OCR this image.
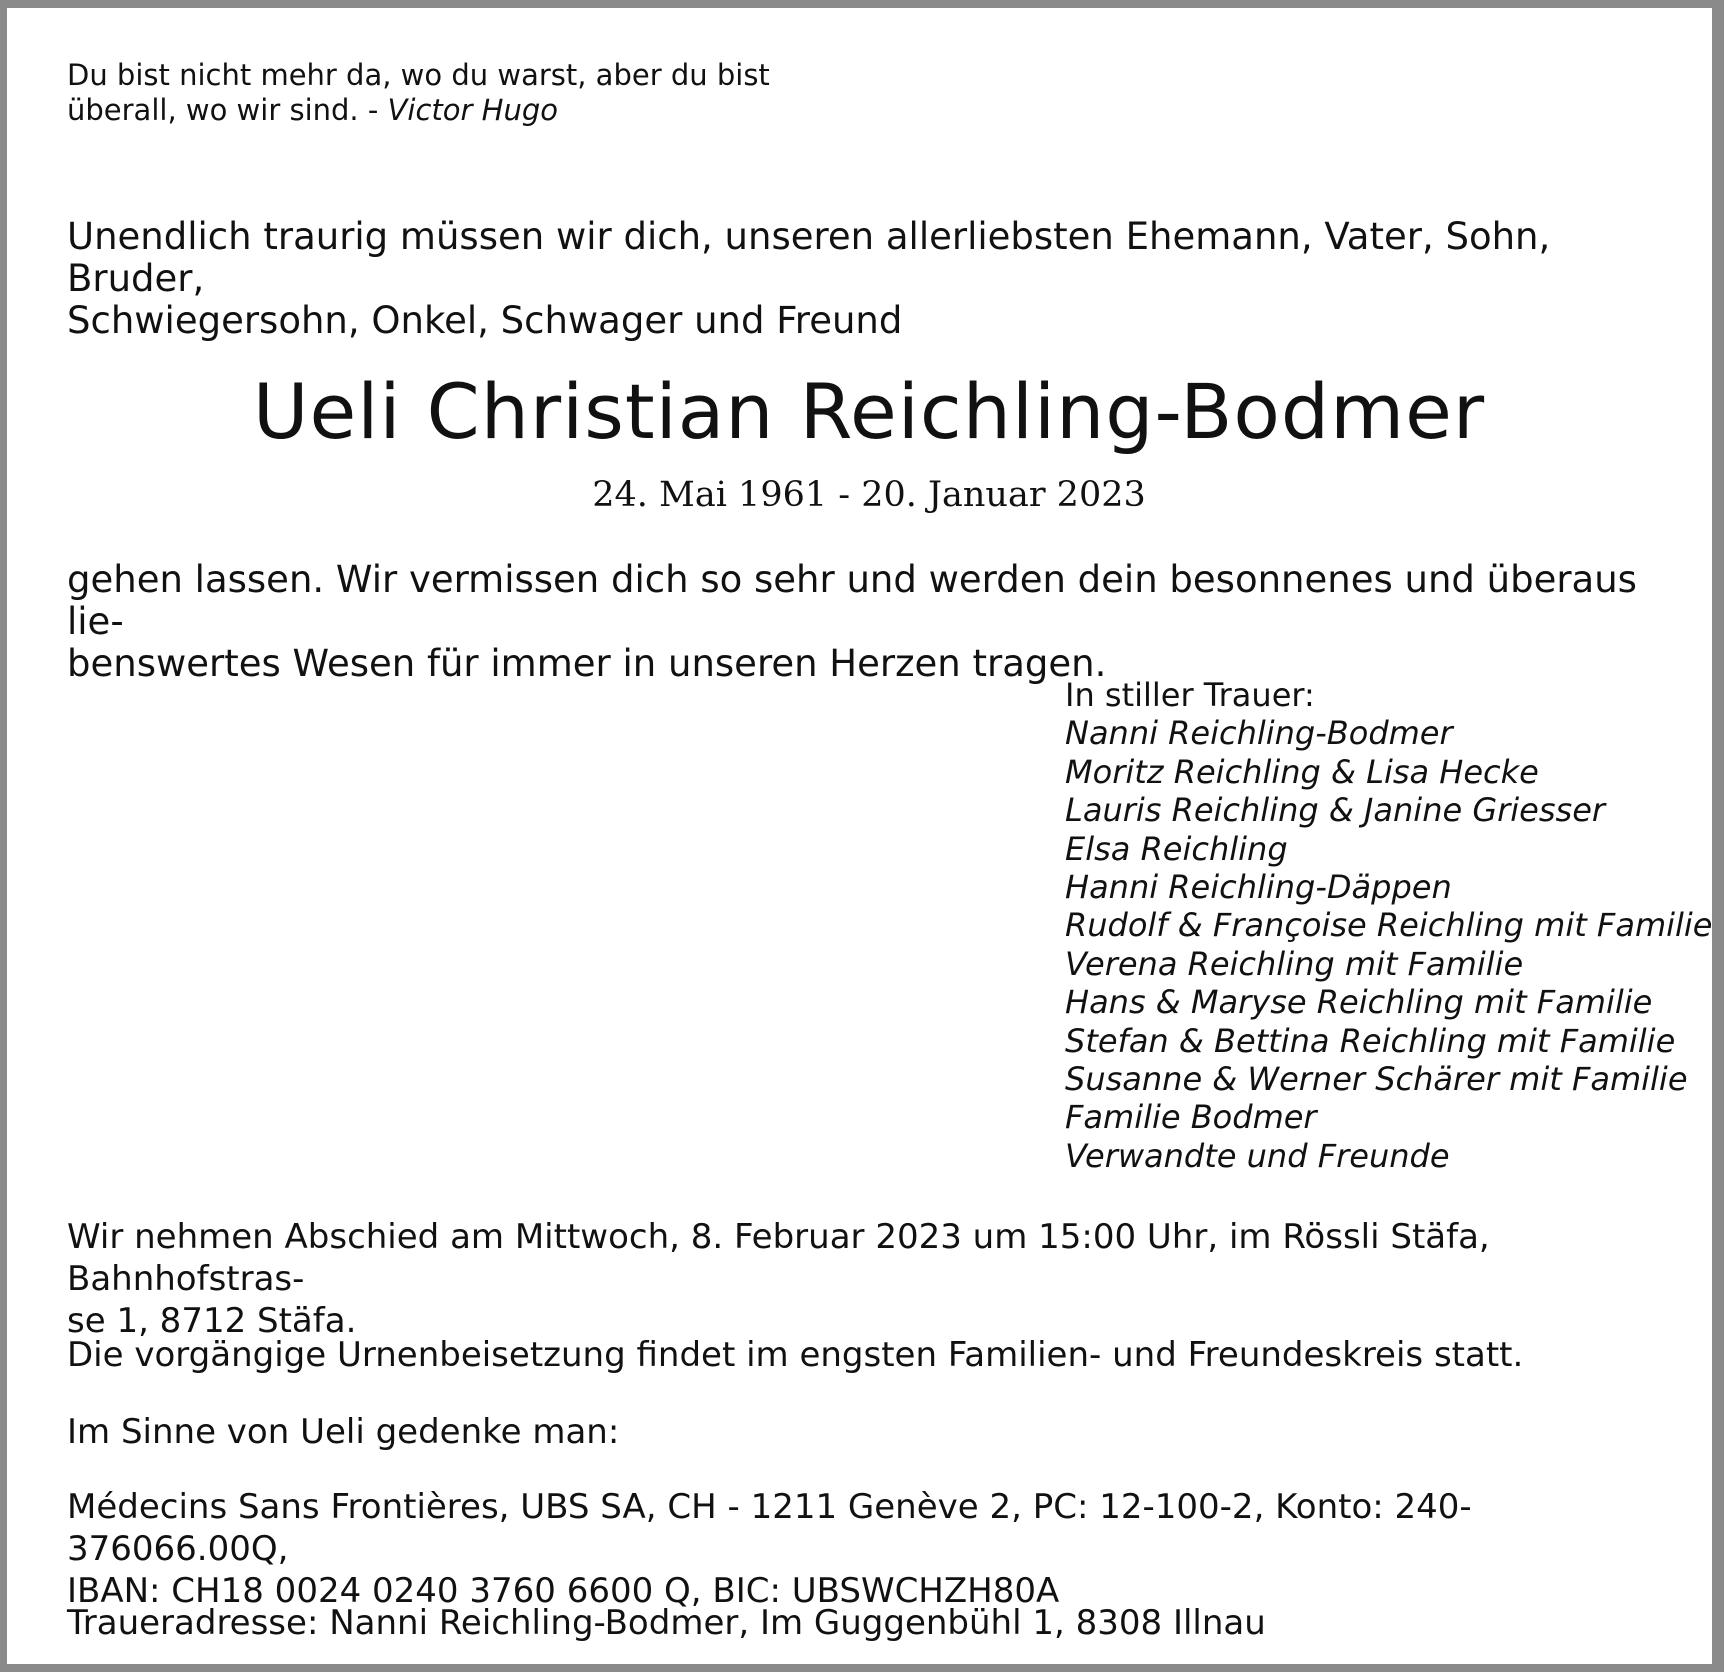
Du bist nicht mehr da, wo du warst, aber du bist
überall, wo wir sind. - Victor Hugo

Unendlich traurig müssen wir dich, unseren allerliebsten Ehemann, Vater, Sohn, Bruder,
Schwiegersohn, Onkel, Schwager und Freund

Ueli Christian Reichling-Bodmer
24. Mai 1961 - 20. Januar 2023

gehen lassen. Wir vermissen dich so sehr und werden dein besonnenes und überaus lie-
benswertes Wesen für immer in unseren Herzen tragen.

In stiller Trauer:
Nanni Reichling-Bodmer
Moritz Reichling & Lisa Hecke
Lauris Reichling & Janine Griesser
Elsa Reichling
Hanni Reichling-Däppen
Rudolf & Françoise Reichling mit Familie
Verena Reichling mit Familie
Hans & Maryse Reichling mit Familie
Stefan & Bettina Reichling mit Familie
Susanne & Werner Schärer mit Familie
Familie Bodmer
Verwandte und Freunde

Wir nehmen Abschied am Mittwoch, 8. Februar 2023 um 15:00 Uhr, im Rössli Stäfa, Bahnhofstras-
se 1, 8712 Stäfa.

Die vorgängige Urnenbeisetzung findet im engsten Familien- und Freundeskreis statt.

Im Sinne von Ueli gedenke man:

Médecins Sans Frontières, UBS SA, CH - 1211 Genève 2, PC: 12-100-2, Konto: 240-376066.00Q,
IBAN: CH18 0024 0240 3760 6600 Q, BIC: UBSWCHZH80A

Traueradresse: Nanni Reichling-Bodmer, Im Guggenbühl 1, 8308 Illnau
